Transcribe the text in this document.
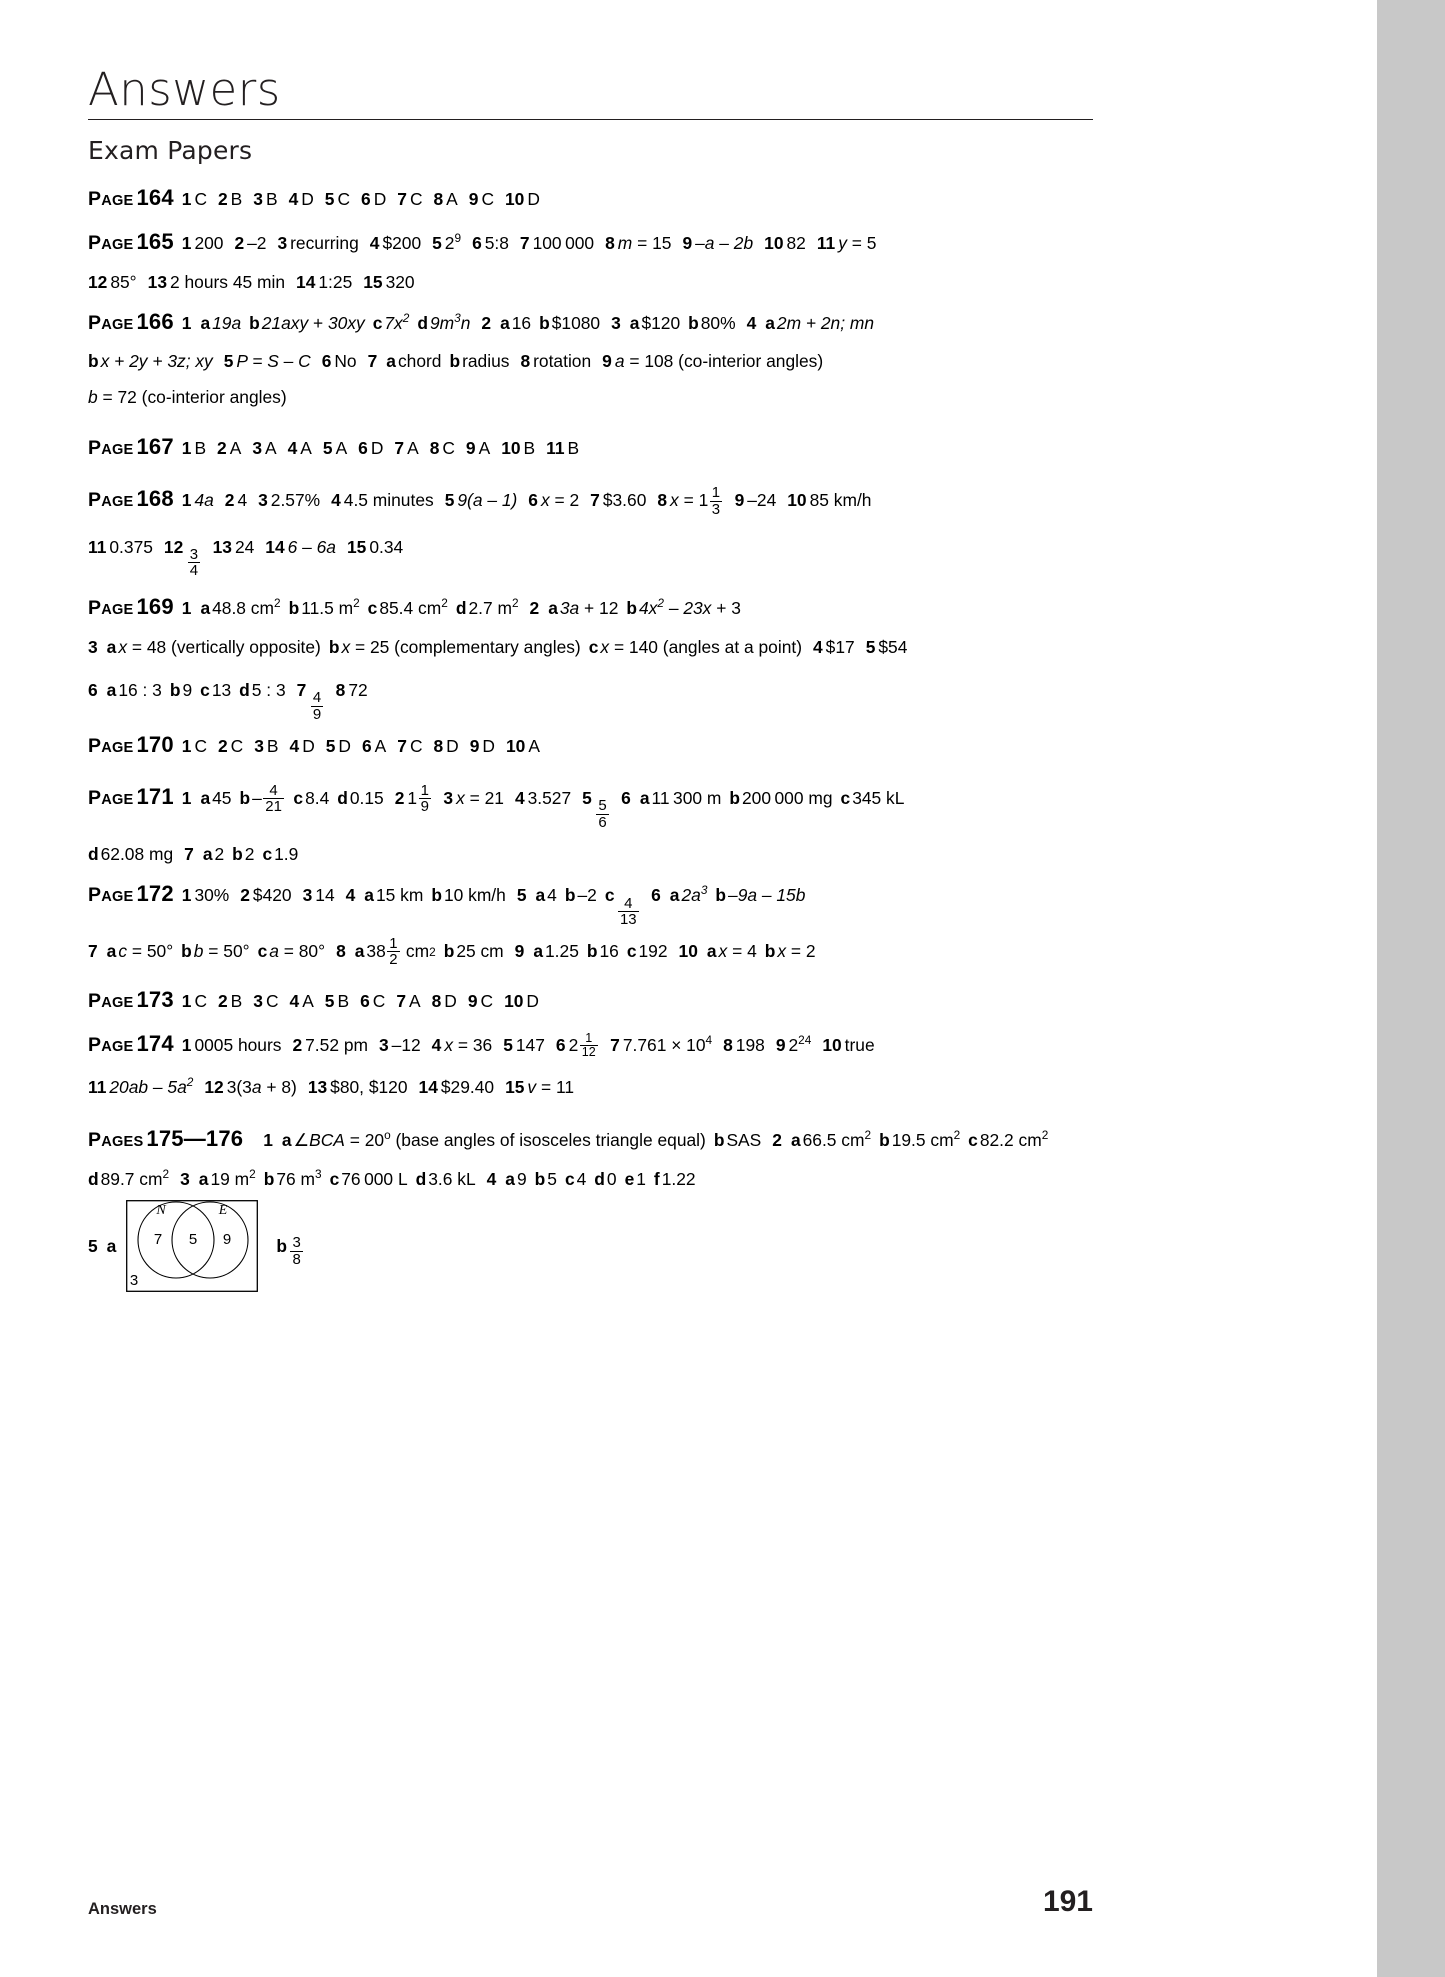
Answers
Exam Papers
PAGE 164 1 C 2 B 3 B 4 D 5 C 6 D 7 C 8 A 9 C 10 D
PAGE 165 1 200 2 –2 3 recurring 4 $200 5 $2^9$ 6 5:8 7 100 000 8 m = 15 9 –a – 2b 10 82 11 y = 5
12 85° 13 2 hours 45 min 14 1:25 15 320
PAGE 166 1 a 19a b 21axy + 30xy c $7x^2$ d $9m^3n$ 2 a 16 b $1080 3 a $120 b 80% 4 a 2m + 2n; mn
b x + 2y + 3z; xy 5 P = S – C 6 No 7 a chord b radius 8 rotation 9 a = 108 (co-interior angles)
b = 72 (co-interior angles)
PAGE 167 1 B 2 A 3 A 4 A 5 A 6 D 7 A 8 C 9 A 10 B 11 B
PAGE 168 1 4a 2 4 3 2.57% 4 4.5 minutes 5 9(a – 1) 6 x = 2 7 $3.60 8 $x = 1 \frac{1}{3} 9$ –24 10 85 km/h
11 0.375 12
$\frac{3}{4}$
13 24 14 6 – 6a 15 0.34
PAGE 169 1 a 48.8 $cm^2$ b 11.5 $m^2$ c 85.4 $cm^2$ d 2.7 $m^2$ 2 a 3a + 12 b $4x^2 - 23x + 3$
3 a x = 48 (vertically opposite) b x = 25 (complementary angles) c x = 140 (angles at a point) 4 $17 5 $54
6 a 16 : 3 b 9 c 13 d 5 : 3 7
$\frac{4}{9}$
8 72
PAGE 170 1 C 2 C 3 B 4 D 5 D 6 A 7 C 8 D 9 D 10 A
PAGE 171 1 a 45 b – $\frac{4}{21}$ c 8.4 d 0.15 2 $1 \frac{1}{9} 3$ x = 21 4 3.527 5
$\frac{5}{6}$
6 a 11 300 m b 200 000 mg c 345 kL
d 62.08 mg 7 a 2 b 2 c 1.9
PAGE 172 1 30% 2 $420 3 14 4 a 15 km b 10 km/h 5 a 4 b –2 c
$\frac{4}{13}$
6 a $2a^3$ b –9a – 15b
7 a c = 50° b b = 50° c a = 80° 8 a $38 \frac{1}{2}$ cm 2 b 25 cm 9 a 1.25 b 16 c 192 10 a x = 4 b x = 2
PAGE 173 1 C 2 B 3 C 4 A 5 B 6 C 7 A 8 D 9 C 10 D
PAGE 174 1 0005 hours 2 7.52 pm 3 –12 4 x = 36 5 147 6 $2 \frac{1}{12} 7$ $7.761 \times 10^4$ 8 198 9 $2^{24}$ 10 true
11 $20ab - 5a^2$ 12 3(3a + 8) 13 $80, $120 14 $29.40 15 v = 11
PAGES 175—176 1 a ∠BCA = $20^o$ (base angles of isosceles triangle equal) b SAS 2 a 66.5 $cm^2$ b 19.5 $cm^2$ c 82.2 $cm^2$
d 89.7 $cm^2$ 3 a 19 $m^2$ b 76 $m^3$ c 76 000 L d 3.6 kL 4 a 9 b 5 c 4 d 0 e 1 f 1.22
5 a
N	E
7 5 9
3
b $\frac{3}{8}$
Answers	191
